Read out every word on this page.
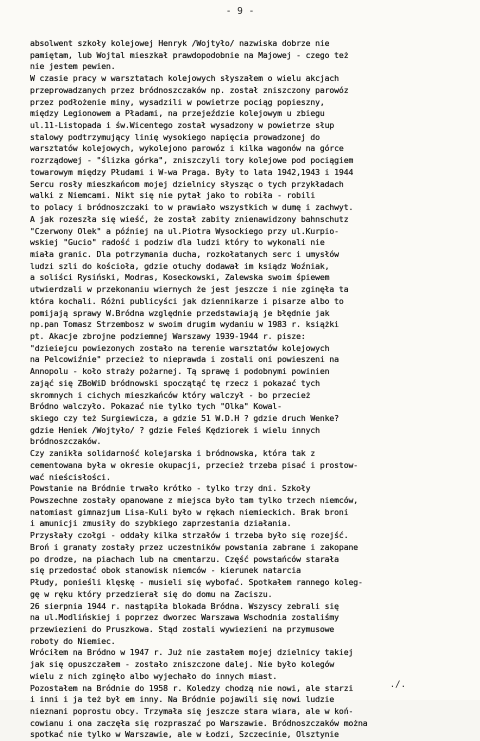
- 9 -
absolwent szkoły kolejowej Henryk /Wojtyło/ nazwiska dobrze nie
pamiętam, lub Wojtal mieszkał prawdopodobnie na Majowej - czego też
nie jestem pewien.
W czasie pracy w warsztatach kolejowych słyszałem o wielu akcjach
przeprowadzanych przez bródnoszczaków np. został zniszczony parowóz
przez podłożenie miny, wysadzili w powietrze pociąg popieszny,
między Legionowem a Pładami, na przejeździe kolejowym u zbiegu
ul.11-Listopada i św.Wicentego został wysadzony w powietrze słup
stalowy podtrzymujący linię wysokiego napięcia prowadzonej do
warsztatów kolejowych, wykolejono parowóz i kilka wagonów na górce
rozrządowej - "ślizka górka", zniszczyli tory kolejowe pod pociągiem
towarowym między Płudami i W-wa Praga. Były to lata 1942,1943 i 1944
Sercu rosły mieszkańcom mojej dzielnicy słysząc o tych przykładach
walki z Niemcami. Nikt się nie pytał jako to robiła - robili
to polacy i bródnoszczaki to w prawiało wszystkich w dumę i zachwyt.
A jak rozeszła się wieść, że został zabity znienawidzony bahnschutz
"Czerwony Olek" a później na ul.Piotra Wysockiego przy ul.Kurpio-
wskiej "Gucio" radość i podziw dla ludzi który to wykonali nie
miała granic. Dla potrzymania ducha, rozkołatanych serc i umysłów
ludzi szli do kościoła, gdzie otuchy dodawał im ksiądz Woźniak,
a soliści Rysiński, Modras, Koseckowski, Zalewska swoim śpiewem
utwierdzali w przekonaniu wiernych że jest jeszcze i nie zginęła ta
która kochali. Różni publicyści jak dziennikarze i pisarze albo to
pomijają sprawy W.Bródna względnie przedstawiają je błędnie jak
np.pan Tomasz Strzembosz w swoim drugim wydaniu w 1983 r. książki
pt. Akacje zbrojne podziemnej Warszawy 1939-1944 r. pisze:
"dzieiejcu powiezonych zostało na terenie warsztatów kolejowych
na Pelcowiźnie" przecież to nieprawda i zostali oni powieszeni na
Annopolu - koło straży pożarnej. Tą sprawę i podobnymi powinien
zająć się ZBoWiD bródnowski spoczątąć tę rzecz i pokazać tych
skromnych i cichych mieszkańców który walczył - bo przecież
Bródno walczyło. Pokazać nie tylko tych "Olka" Kowal-
skiego czy też Surgiewicza, a gdzie 51 W.D.H ? gdzie druch Wenke?
gdzie Heniek /Wojtyło/ ? gdzie Feleś Kędziorek i wielu innych
bródnoszczaków.
Czy zanikła solidarność kolejarska i bródnowska, która tak z
cementowana była w okresie okupacji, przecież trzeba pisać i prostow-
wać nieścisłości.
Powstanie na Bródnie trwało krótko - tylko trzy dni. Szkoły
Powszechne zostały opanowane z miejsca było tam tylko trzech niemców,
natomiast gimnazjum Lisa-Kuli było w rękach niemieckich. Brak broni
i amunicji zmusiły do szybkiego zaprzestania działania.
Przysłały czołgi - oddały kilka strzałów i trzeba było się rozejść.
Broń i granaty zostały przez uczestników powstania zabrane i zakopane
po drodze, na piachach lub na cmentarzu. Część powstańców starała
się przedostać obok stanowisk niemców - kierunek natarcia
Płudy, ponieśli klęskę - musieli się wybofać. Spotkałem rannego koleg-
gę w ręku który przedzierał się do domu na Zaciszu.
26 sierpnia 1944 r. nastąpiła blokada Bródna. Wszyscy zebrali się
na ul.Modlińskiej i poprzez dworzec Warszawa Wschodnia zostaliśmy
przewiezieni do Pruszkowa. Stąd zostali wywiezieni na przymusowe
roboty do Niemiec.
Wróciłem na Bródno w 1947 r. Już nie zastałem mojej dzielnicy takiej
jak się opuszczałem - zostało zniszczone dalej. Nie było kolegów
wielu z nich zginęło albo wyjechało do innych miast.
Pozostałem na Bródnie do 1958 r. Koledzy chodzą nie nowi, ale starzi
i inni i ja też był em inny. Na Bródnie pojawili się nowi ludzie
nieznani poprostu obcy. Trzymała się jeszcze stara wiara, ale w koń-
cowianu i ona zaczęła się rozpraszać po Warszawie. Bródnoszczaków można
spotkać nie tylko w Warszawie, ale w Łodzi, Szczecinie, Olsztynie
./.
